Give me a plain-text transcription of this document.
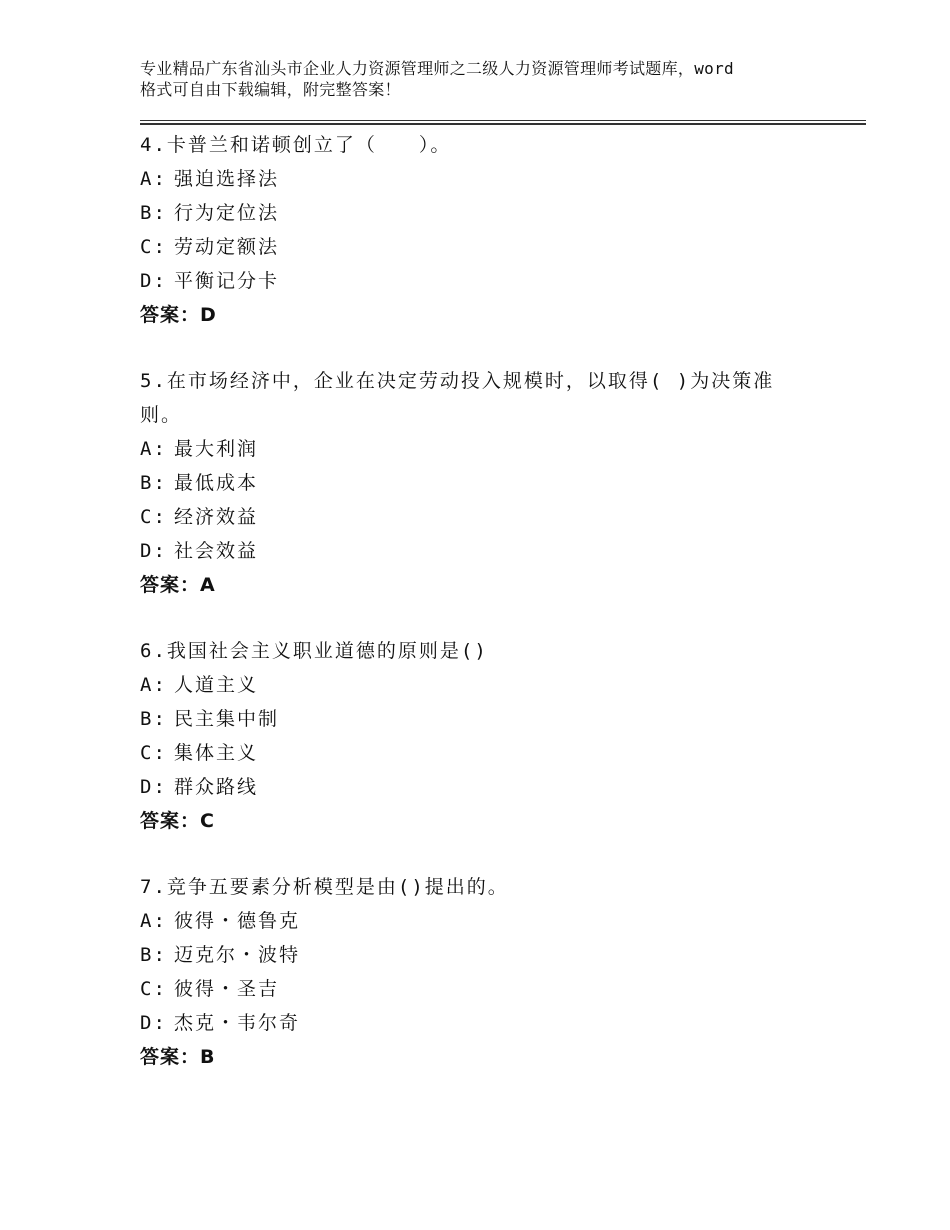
专业精品广东省汕头市企业人力资源管理师之二级人力资源管理师考试题库，word
格式可自由下载编辑，附完整答案！
4.卡普兰和诺顿创立了（　　）。
A: 强迫选择法
B: 行为定位法
C: 劳动定额法
D: 平衡记分卡
答案：D
5.在市场经济中，企业在决定劳动投入规模时，以取得( )为决策准则。
A: 最大利润
B: 最低成本
C: 经济效益
D: 社会效益
答案：A
6.我国社会主义职业道德的原则是()
A: 人道主义
B: 民主集中制
C: 集体主义
D: 群众路线
答案：C
7.竞争五要素分析模型是由()提出的。
A: 彼得・德鲁克
B: 迈克尔・波特
C: 彼得・圣吉
D: 杰克・韦尔奇
答案：B
